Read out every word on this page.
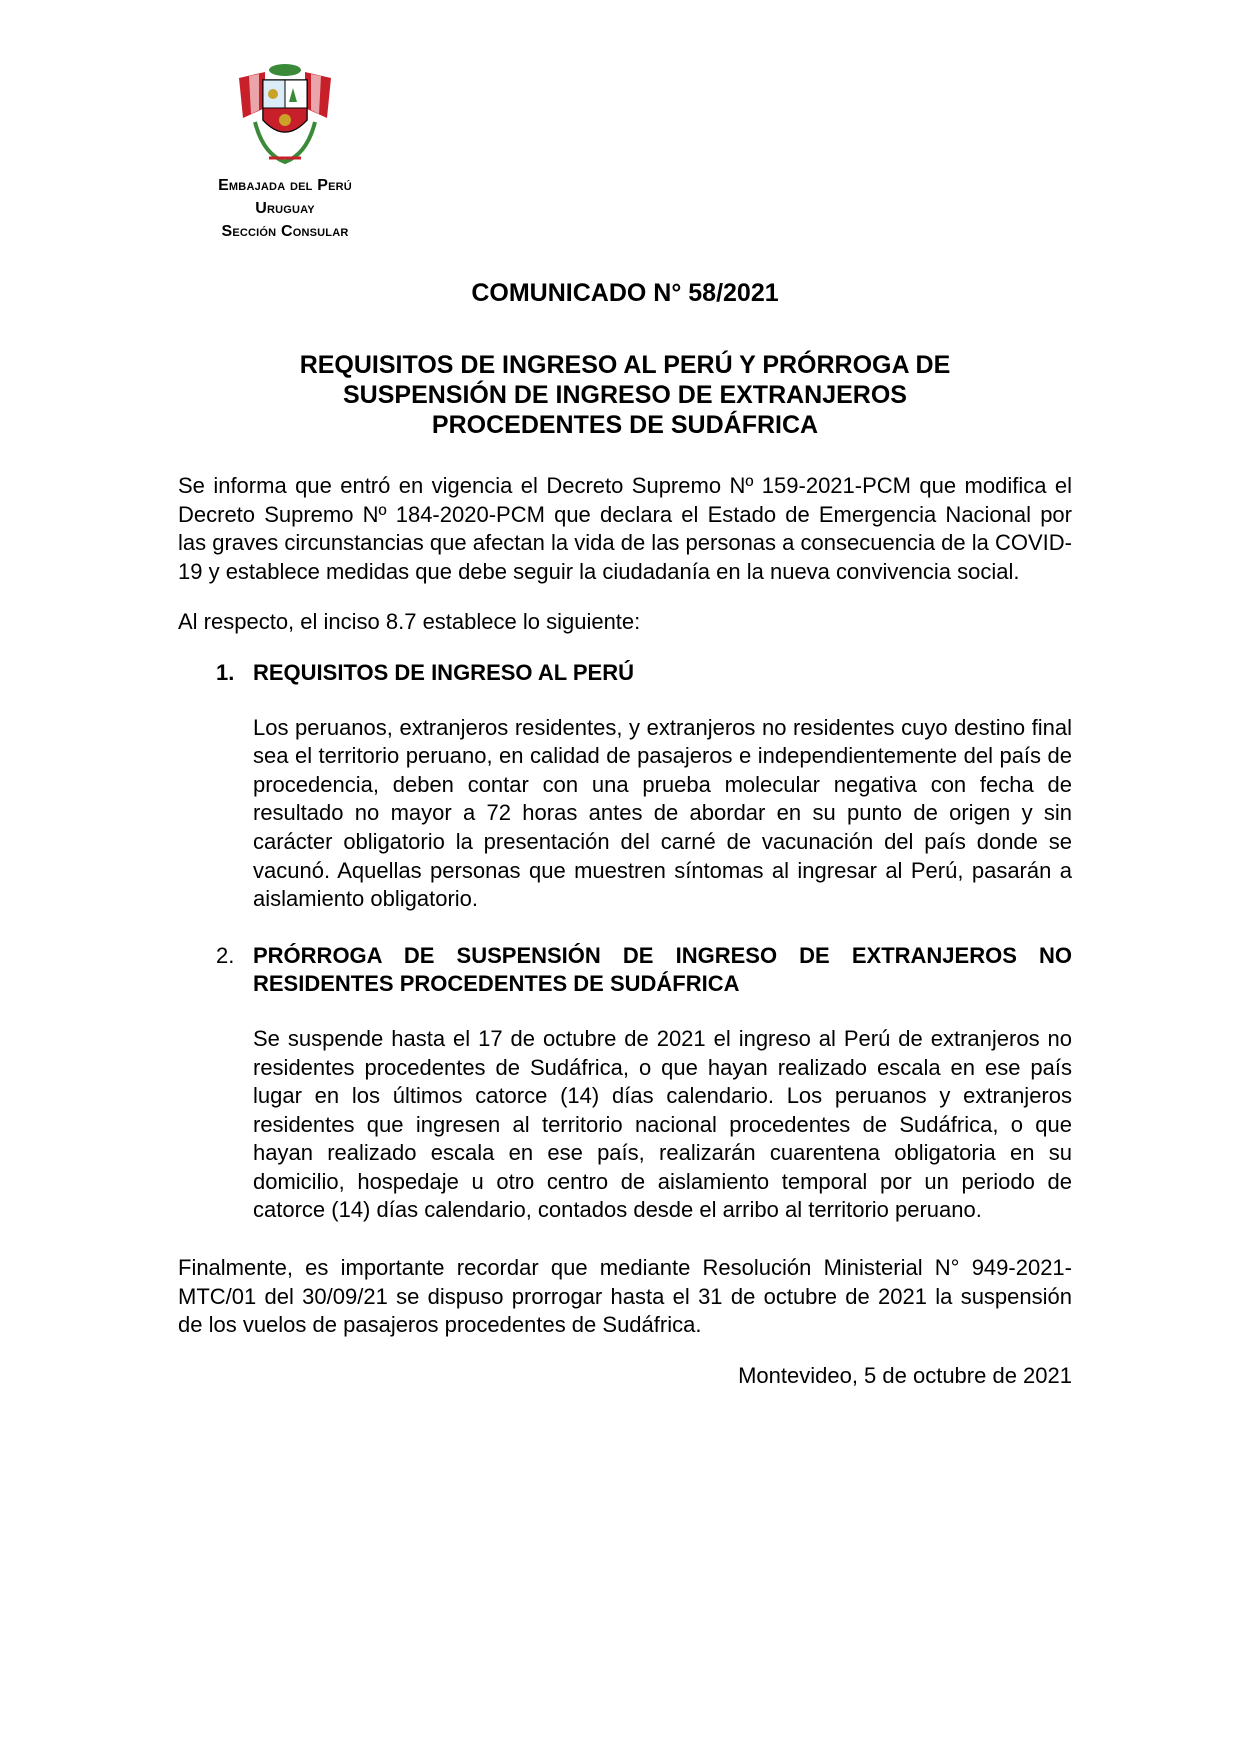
Embajada del Perú
Uruguay
Sección Consular
COMUNICADO N° 58/2021
REQUISITOS DE INGRESO AL PERÚ Y PRÓRROGA DE
SUSPENSIÓN DE INGRESO DE EXTRANJEROS
PROCEDENTES DE SUDÁFRICA

Se informa que entró en vigencia el Decreto Supremo Nº 159-2021-PCM que modifica el Decreto Supremo Nº 184-2020-PCM que declara el Estado de Emergencia Nacional por las graves circunstancias que afectan la vida de las personas a consecuencia de la COVID-19 y establece medidas que debe seguir la ciudadanía en la nueva convivencia social.

Al respecto, el inciso 8.7 establece lo siguiente:

1. REQUISITOS DE INGRESO AL PERÚ

Los peruanos, extranjeros residentes, y extranjeros no residentes cuyo destino final sea el territorio peruano, en calidad de pasajeros e independientemente del país de procedencia, deben contar con una prueba molecular negativa con fecha de resultado no mayor a 72 horas antes de abordar en su punto de origen y sin carácter obligatorio la presentación del carné de vacunación del país donde se vacunó. Aquellas personas que muestren síntomas al ingresar al Perú, pasarán a aislamiento obligatorio.

2. PRÓRROGA DE SUSPENSIÓN DE INGRESO DE EXTRANJEROS NO RESIDENTES PROCEDENTES DE SUDÁFRICA

Se suspende hasta el 17 de octubre de 2021 el ingreso al Perú de extranjeros no residentes procedentes de Sudáfrica, o que hayan realizado escala en ese país lugar en los últimos catorce (14) días calendario. Los peruanos y extranjeros residentes que ingresen al territorio nacional procedentes de Sudáfrica, o que hayan realizado escala en ese país, realizarán cuarentena obligatoria en su domicilio, hospedaje u otro centro de aislamiento temporal por un periodo de catorce (14) días calendario, contados desde el arribo al territorio peruano.

Finalmente, es importante recordar que mediante Resolución Ministerial N° 949-2021-MTC/01 del 30/09/21 se dispuso prorrogar hasta el 31 de octubre de 2021 la suspensión de los vuelos de pasajeros procedentes de Sudáfrica.

Montevideo, 5 de octubre de 2021
